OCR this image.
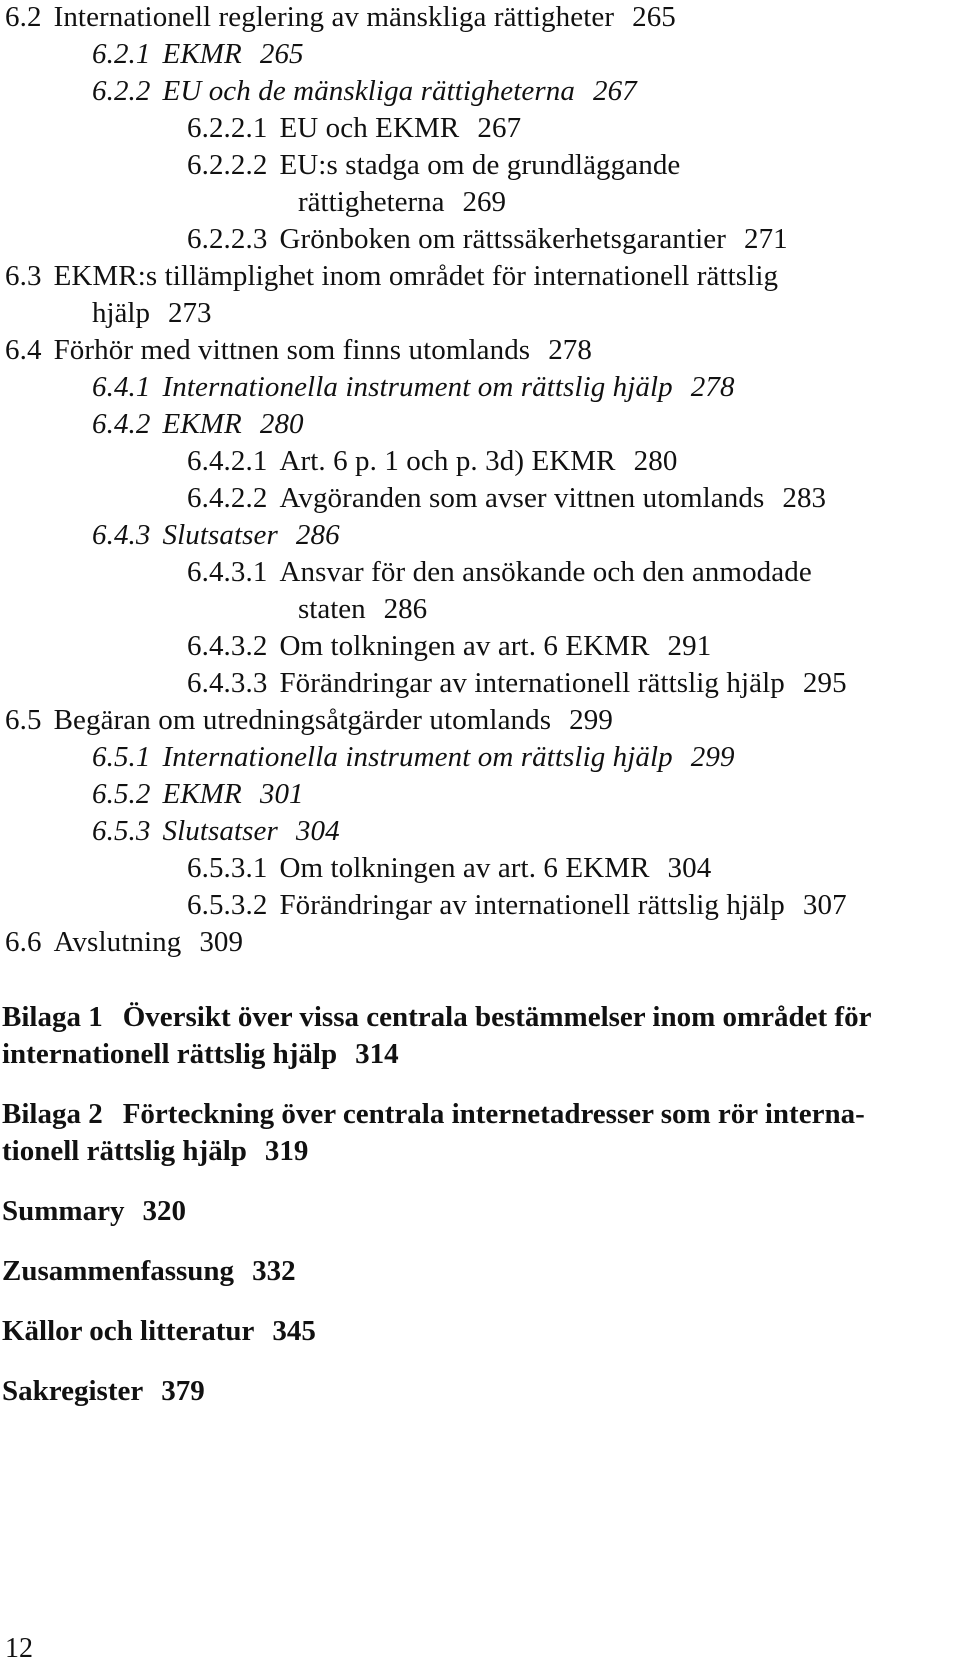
6.2 Internationell reglering av mänskliga rättigheter 265
6.2.1 EKMR 265
6.2.2 EU och de mänskliga rättigheterna 267
6.2.2.1 EU och EKMR 267
6.2.2.2 EU:s stadga om de grundläggande
rättigheterna 269
6.2.2.3 Grönboken om rättssäkerhetsgarantier 271
6.3 EKMR:s tillämplighet inom området för internationell rättslig
hjälp 273
6.4 Förhör med vittnen som finns utomlands 278
6.4.1 Internationella instrument om rättslig hjälp 278
6.4.2 EKMR 280
6.4.2.1 Art. 6 p. 1 och p. 3d) EKMR 280
6.4.2.2 Avgöranden som avser vittnen utomlands 283
6.4.3 Slutsatser 286
6.4.3.1 Ansvar för den ansökande och den anmodade
staten 286
6.4.3.2 Om tolkningen av art. 6 EKMR 291
6.4.3.3 Förändringar av internationell rättslig hjälp 295
6.5 Begäran om utredningsåtgärder utomlands 299
6.5.1 Internationella instrument om rättslig hjälp 299
6.5.2 EKMR 301
6.5.3 Slutsatser 304
6.5.3.1 Om tolkningen av art. 6 EKMR 304
6.5.3.2 Förändringar av internationell rättslig hjälp 307
6.6 Avslutning 309
Bilaga 1 Översikt över vissa centrala bestämmelser inom området för
internationell rättslig hjälp 314
Bilaga 2 Förteckning över centrala internetadresser som rör interna-
tionell rättslig hjälp 319
Summary 320
Zusammenfassung 332
Källor och litteratur 345
Sakregister 379
12
